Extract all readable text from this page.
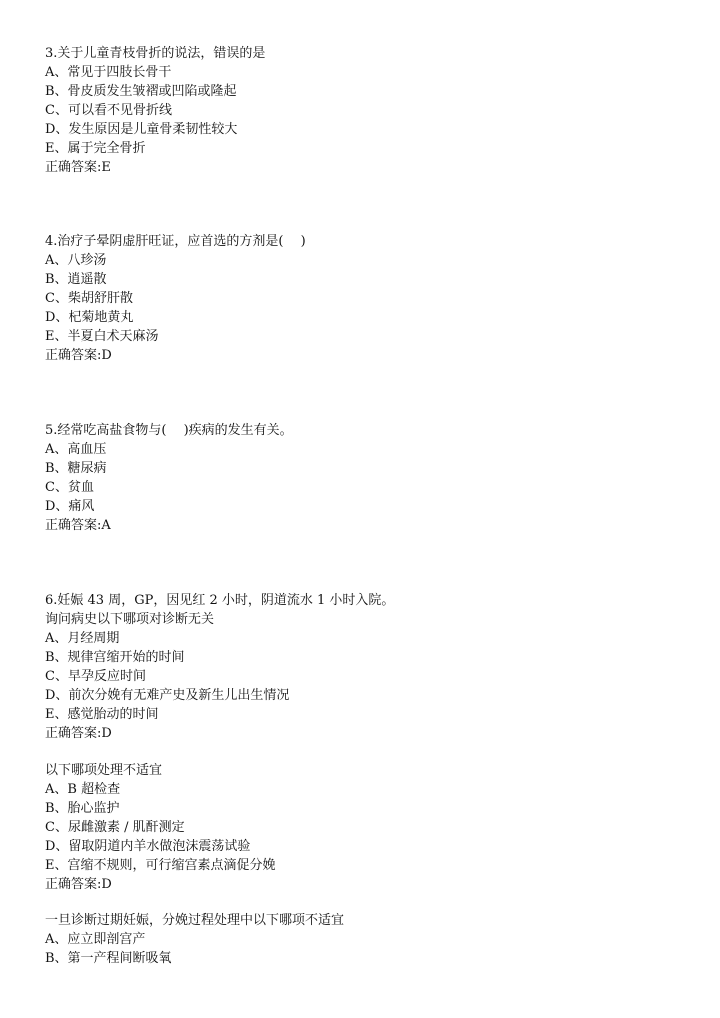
3.关于儿童青枝骨折的说法，错误的是
A、常见于四肢长骨干
B、骨皮质发生皱褶或凹陷或隆起
C、可以看不见骨折线
D、发生原因是儿童骨柔韧性较大
E、属于完全骨折
正确答案:E
4.治疗子晕阴虚肝旺证，应首选的方剂是(　 )
A、八珍汤
B、逍遥散
C、柴胡舒肝散
D、杞菊地黄丸
E、半夏白术天麻汤
正确答案:D
5.经常吃高盐食物与(　 )疾病的发生有关。
A、高血压
B、糖尿病
C、贫血
D、痛风
正确答案:A
6.妊娠 43 周，GP，因见红 2 小时，阴道流水 1 小时入院。
询问病史以下哪项对诊断无关
A、月经周期
B、规律宫缩开始的时间
C、早孕反应时间
D、前次分娩有无难产史及新生儿出生情况
E、感觉胎动的时间
正确答案:D
以下哪项处理不适宜
A、B 超检查
B、胎心监护
C、尿雌激素 / 肌酐测定
D、留取阴道内羊水做泡沫震荡试验
E、宫缩不规则，可行缩宫素点滴促分娩
正确答案:D
一旦诊断过期妊娠，分娩过程处理中以下哪项不适宜
A、应立即剖宫产
B、第一产程间断吸氧
